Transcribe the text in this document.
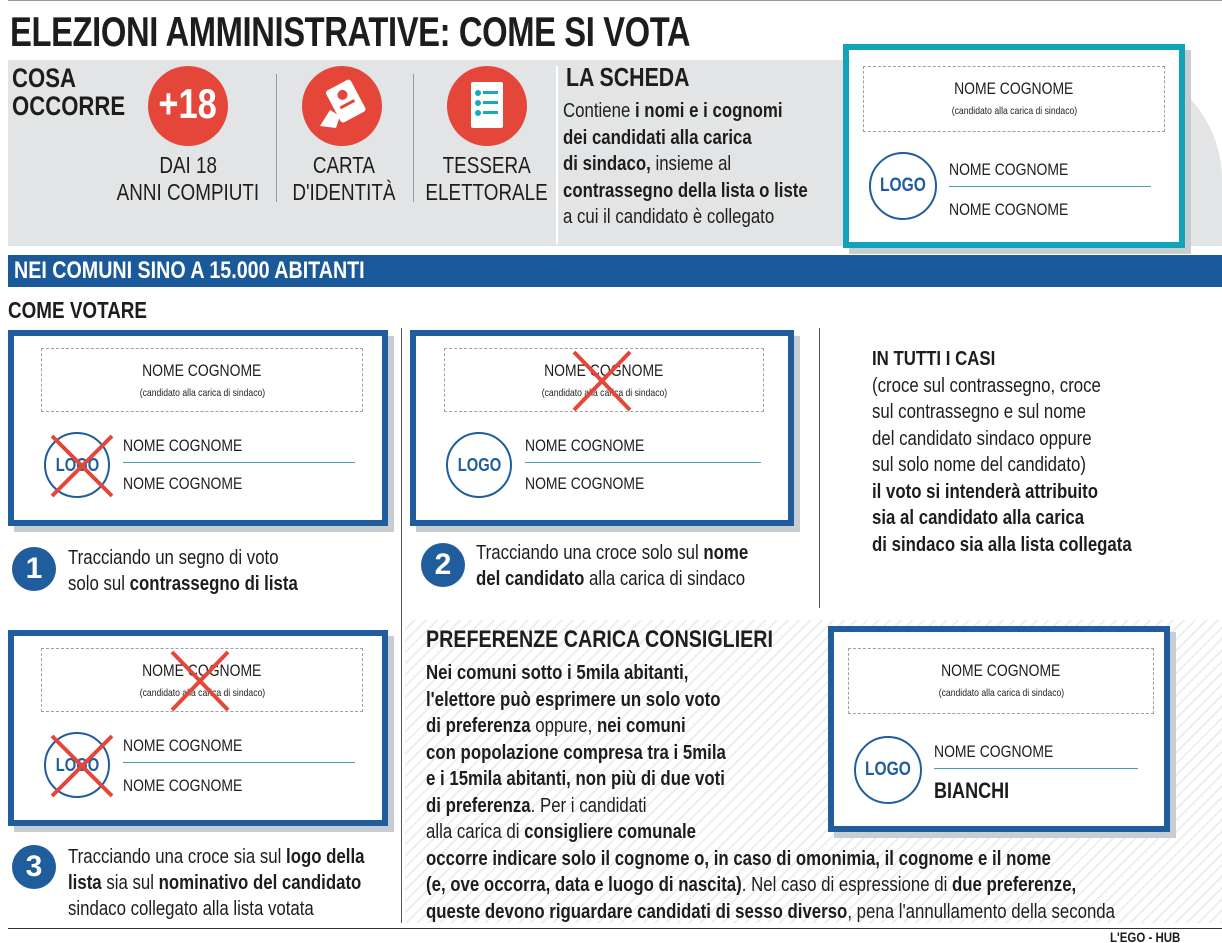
ELEZIONI AMMINISTRATIVE: COME SI VOTA
COSA
OCCORRE +18
DAI 18
ANNI COMPIUTI
CARTA
D'IDENTITÀ
TESSERA
ELETTORALE
LA SCHEDA
Contiene i nomi e i cognomi
dei candidati alla carica
di sindaco, insieme al
contrassegno della lista o liste
a cui il candidato è collegato
NOME COGNOME
(candidato alla carica di sindaco)
LOGO
NOME COGNOME
NOME COGNOME
NEI COMUNI SINO A 15.000 ABITANTI
COME VOTARE
NOME COGNOME
(candidato alla carica di sindaco)
LOGO
NOME COGNOME
NOME COGNOME
1	Tracciando un segno di voto
solo sul contrassegno di lista
NOME COGNOME
(candidato alla carica di sindaco)
LOGO
NOME COGNOME
NOME COGNOME
2	Tracciando una croce solo sul nome
del candidato alla carica di sindaco
IN TUTTI I CASI
(croce sul contrassegno, croce
sul contrassegno e sul nome
del candidato sindaco oppure
sul solo nome del candidato)
il voto si intenderà attribuito
sia al candidato alla carica
di sindaco sia alla lista collegata
NOME COGNOME
(candidato alla carica di sindaco)
LOGO
NOME COGNOME
NOME COGNOME
3	Tracciando una croce sia sul logo della
lista sia sul nominativo del candidato
sindaco collegato alla lista votata
PREFERENZE CARICA CONSIGLIERI
Nei comuni sotto i 5mila abitanti,
l'elettore può esprimere un solo voto
di preferenza oppure, nei comuni
con popolazione compresa tra i 5mila
e i 15mila abitanti, non più di due voti
di preferenza. Per i candidati
alla carica di consigliere comunale
occorre indicare solo il cognome o, in caso di omonimia, il cognome e il nome
(e, ove occorra, data e luogo di nascita). Nel caso di espressione di due preferenze,
queste devono riguardare candidati di sesso diverso, pena l'annullamento della seconda
NOME COGNOME
(candidato alla carica di sindaco)
LOGO
NOME COGNOME
BIANCHI
L'EGO - HUB
